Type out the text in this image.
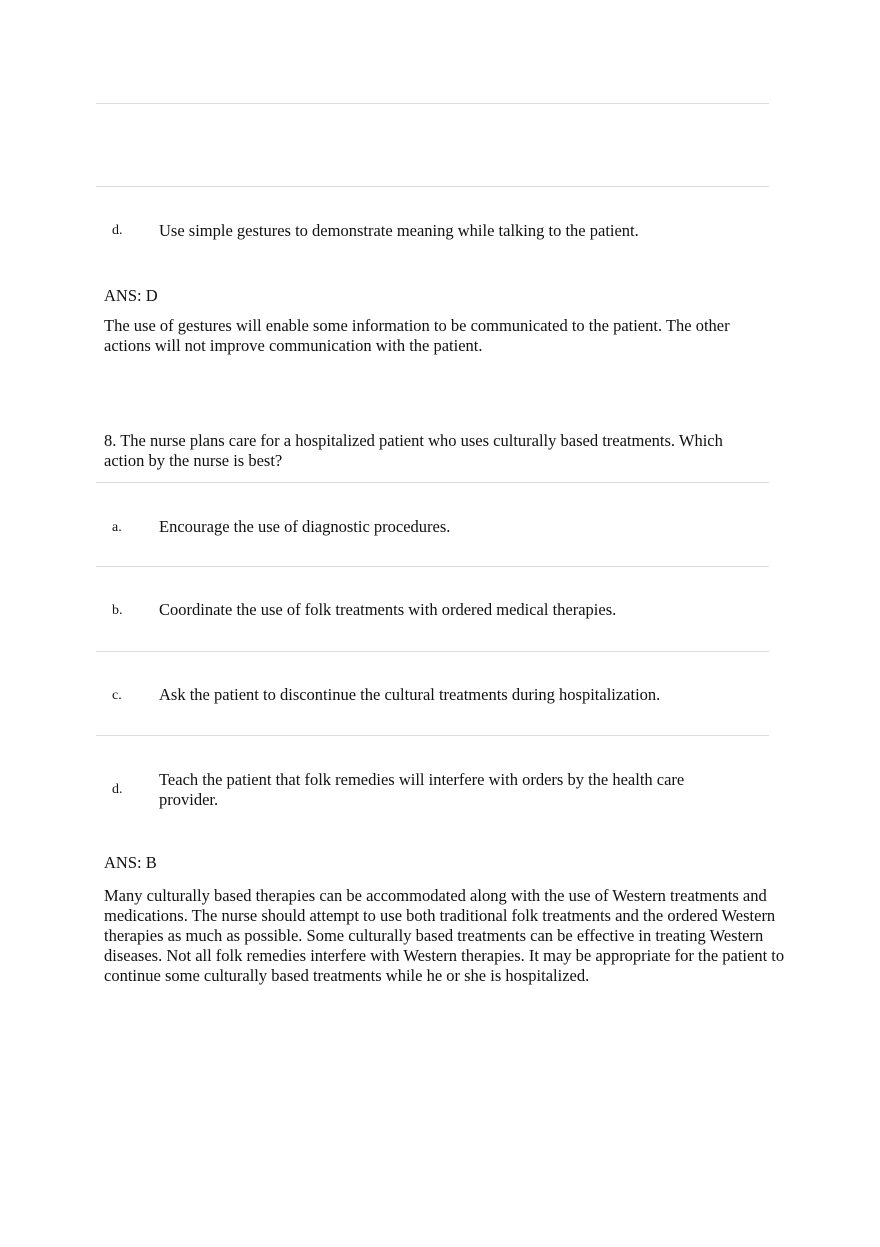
d. Use simple gestures to demonstrate meaning while talking to the patient.
ANS: D
The use of gestures will enable some information to be communicated to the patient. The other actions will not improve communication with the patient.
8. The nurse plans care for a hospitalized patient who uses culturally based treatments. Which action by the nurse is best?
a. Encourage the use of diagnostic procedures.
b. Coordinate the use of folk treatments with ordered medical therapies.
c. Ask the patient to discontinue the cultural treatments during hospitalization.
d.
Teach the patient that folk remedies will interfere with orders by the health care provider.
ANS: B
Many culturally based therapies can be accommodated along with the use of Western treatments and medications. The nurse should attempt to use both traditional folk treatments and the ordered Western therapies as much as possible. Some culturally based treatments can be effective in treating Western diseases. Not all folk remedies interfere with Western therapies. It may be appropriate for the patient to continue some culturally based treatments while he or she is hospitalized.
